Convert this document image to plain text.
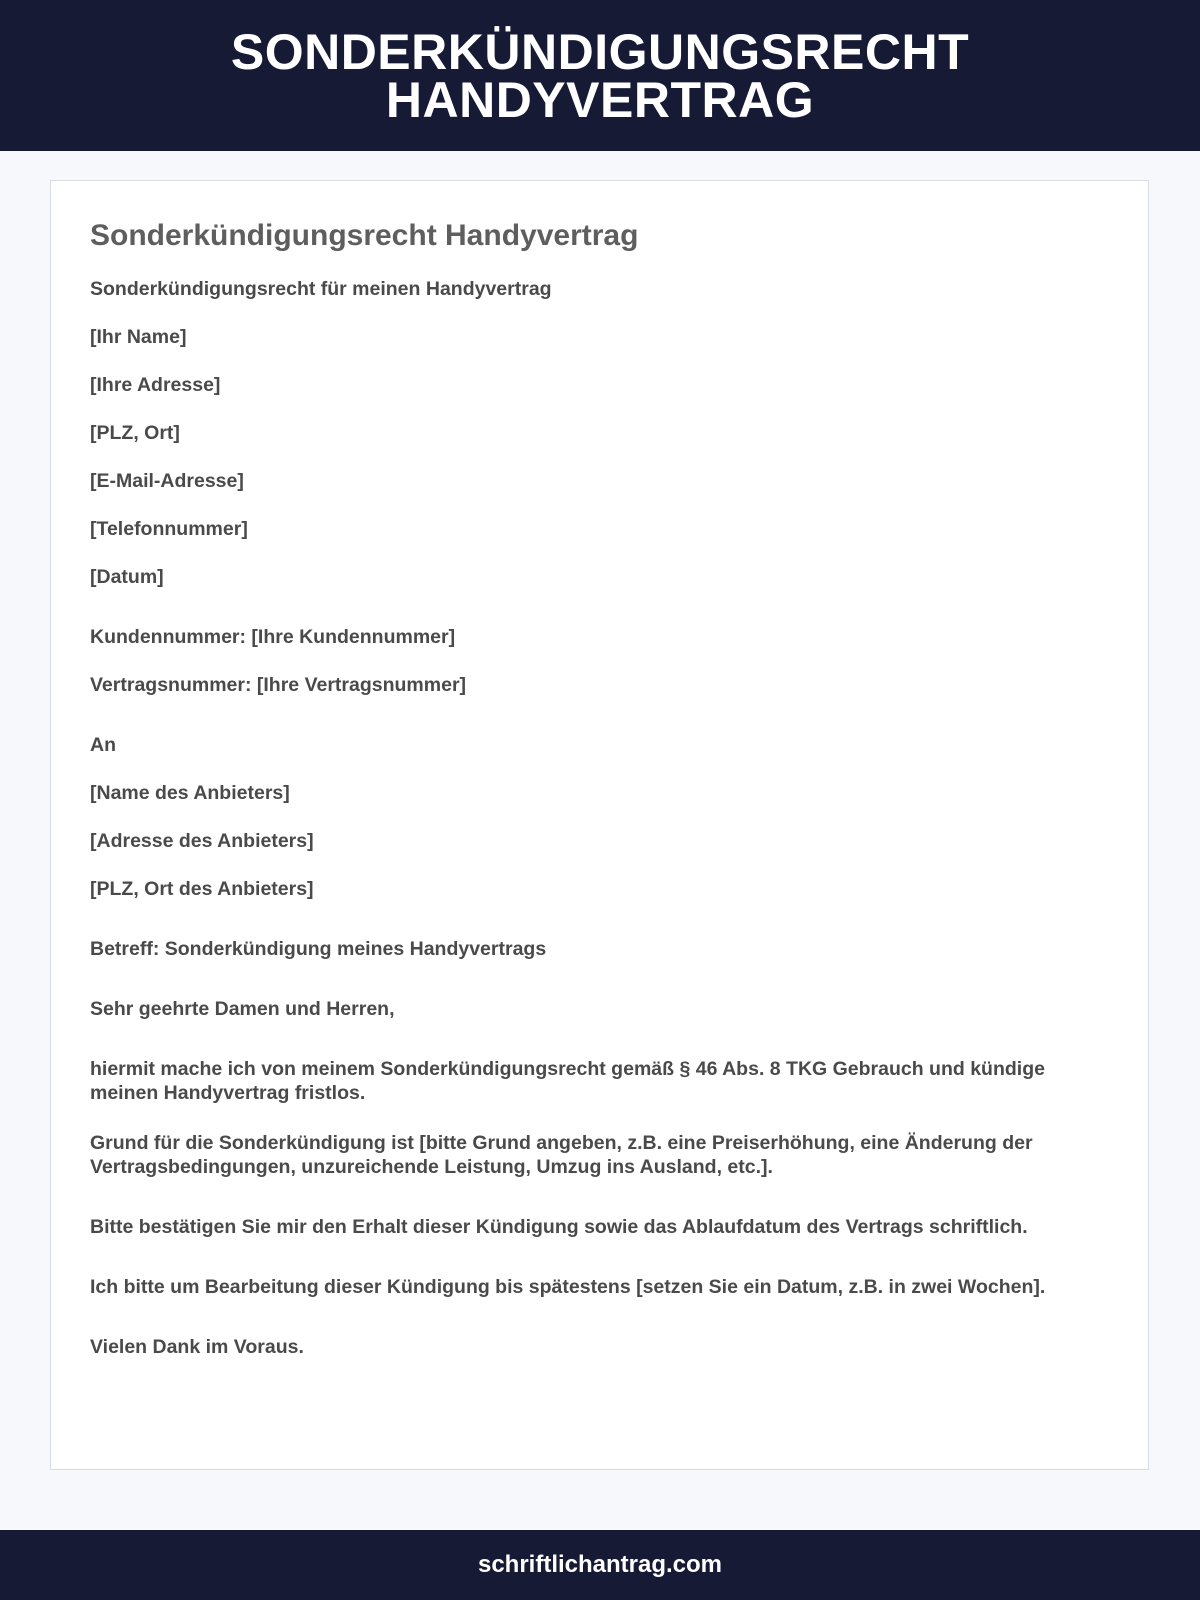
SONDERKÜNDIGUNGSRECHT
HANDYVERTRAG
Sonderkündigungsrecht Handyvertrag

Sonderkündigungsrecht für meinen Handyvertrag

[Ihr Name]

[Ihre Adresse]

[PLZ, Ort]

[E-Mail-Adresse]

[Telefonnummer]

[Datum]

Kundennummer: [Ihre Kundennummer]

Vertragsnummer: [Ihre Vertragsnummer]

An

[Name des Anbieters]

[Adresse des Anbieters]

[PLZ, Ort des Anbieters]

Betreff: Sonderkündigung meines Handyvertrags

Sehr geehrte Damen und Herren,

hiermit mache ich von meinem Sonderkündigungsrecht gemäß § 46 Abs. 8 TKG Gebrauch und kündige meinen Handyvertrag fristlos.

Grund für die Sonderkündigung ist [bitte Grund angeben, z.B. eine Preiserhöhung, eine Änderung der Vertragsbedingungen, unzureichende Leistung, Umzug ins Ausland, etc.].

Bitte bestätigen Sie mir den Erhalt dieser Kündigung sowie das Ablaufdatum des Vertrags schriftlich.

Ich bitte um Bearbeitung dieser Kündigung bis spätestens [setzen Sie ein Datum, z.B. in zwei Wochen].

Vielen Dank im Voraus.

schriftlichantrag.com
